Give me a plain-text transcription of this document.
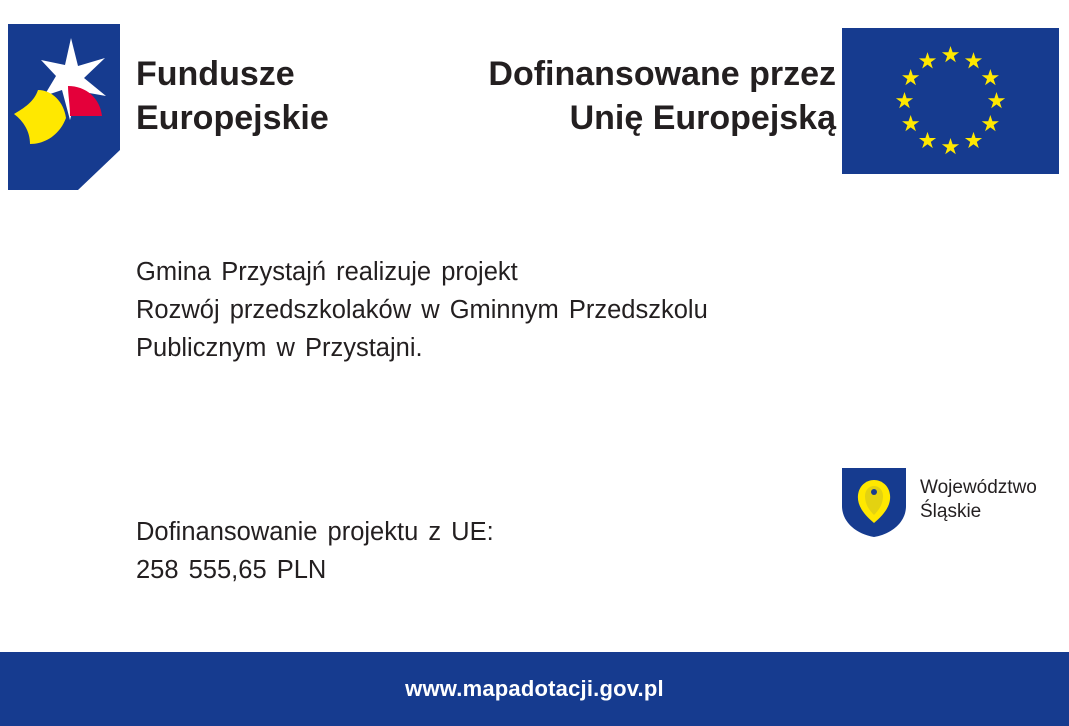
Fundusze	Dofinansowane przez
Europejskie	Unię Europejską
Gmina Przystajń realizuje projekt
Rozwój przedszkolaków w Gminnym Przedszkolu
Publicznym w Przystajni.
Dofinansowanie projektu z UE:
258 555,65 PLN
Województwo
Śląskie
www.mapadotacji.gov.pl
